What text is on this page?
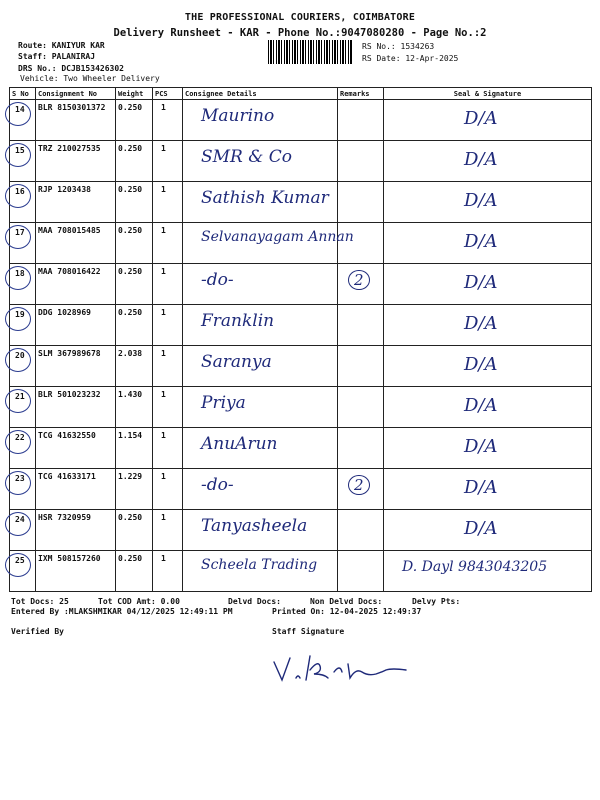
THE PROFESSIONAL COURIERS, COIMBATORE
Delivery Runsheet - KAR - Phone No.:9047080280 - Page No.:2
Route: KANIYUR KAR
Staff: PALANIRAJ
DRS No.: DCJB153426302
Vehicle: Two Wheeler Delivery
RS No.: 1534263
RS Date: 12-Apr-2025
S No	Consignment No	Weight	PCS	Consignee Details	Remarks	Seal & Signature

14	BLR 8150301372	0.250	1	Maurino		D/A

15	TRZ 210027535	0.250	1	SMR & Co		D/A

16	RJP 1203438	0.250	1	Sathish Kumar		D/A

17	MAA 708015485	0.250	1	Selvanayagam Annan		D/A

18	MAA 708016422	0.250	1	-do-	2	D/A

19	DDG 1028969	0.250	1	Franklin		D/A

20	SLM 367989678	2.038	1	Saranya		D/A

21	BLR 501023232	1.430	1	Priya		D/A

22	TCG 41632550	1.154	1	AnuArun		D/A

23	TCG 41633171	1.229	1	-do-	2	D/A

24	HSR 7320959	0.250	1	Tanyasheela		D/A

25	IXM 508157260	0.250	1	Scheela Trading		D. Dayl 9843043205
Tot Docs: 25	Tot COD Amt: 0.00	Delvd Docs:	Non Delvd Docs:	Delvy Pts:
Entered By :MLAKSHMIKAR 04/12/2025 12:49:11 PM	Printed On: 12-04-2025 12:49:37
Verified By	Staff Signature
